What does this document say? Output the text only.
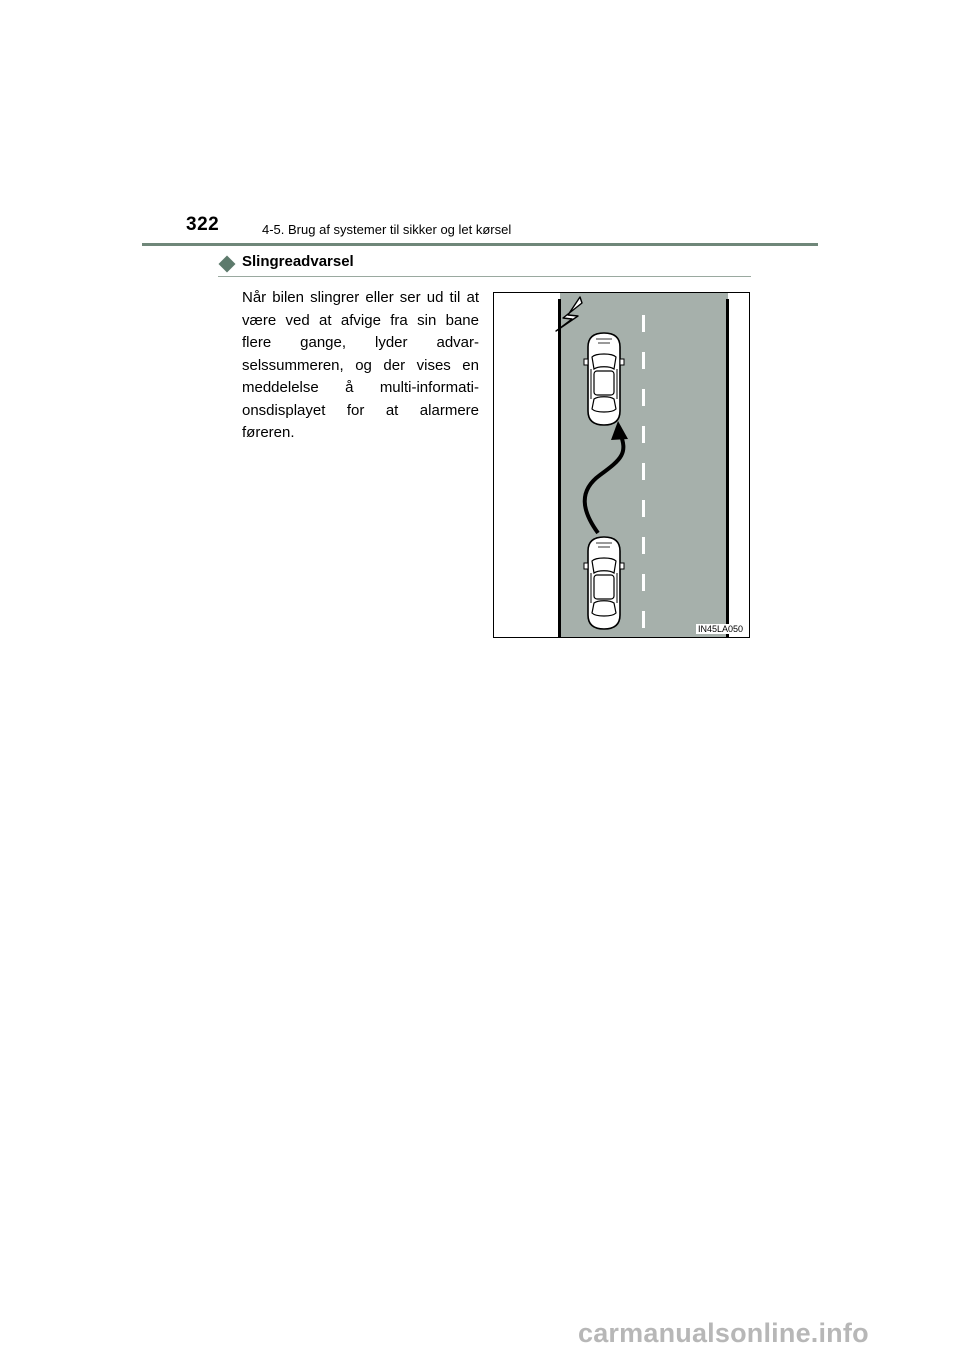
322	4-5. Brug af systemer til sikker og let kørsel
Slingreadvarsel

Når bilen slingrer eller ser ud til at være ved at afvige fra sin bane flere gange, lyder advar-selssummeren, og der vises en meddelelse å multi-informati-onsdisplayet for at alarmere føreren.

IN45LA050
carmanualsonline.info
